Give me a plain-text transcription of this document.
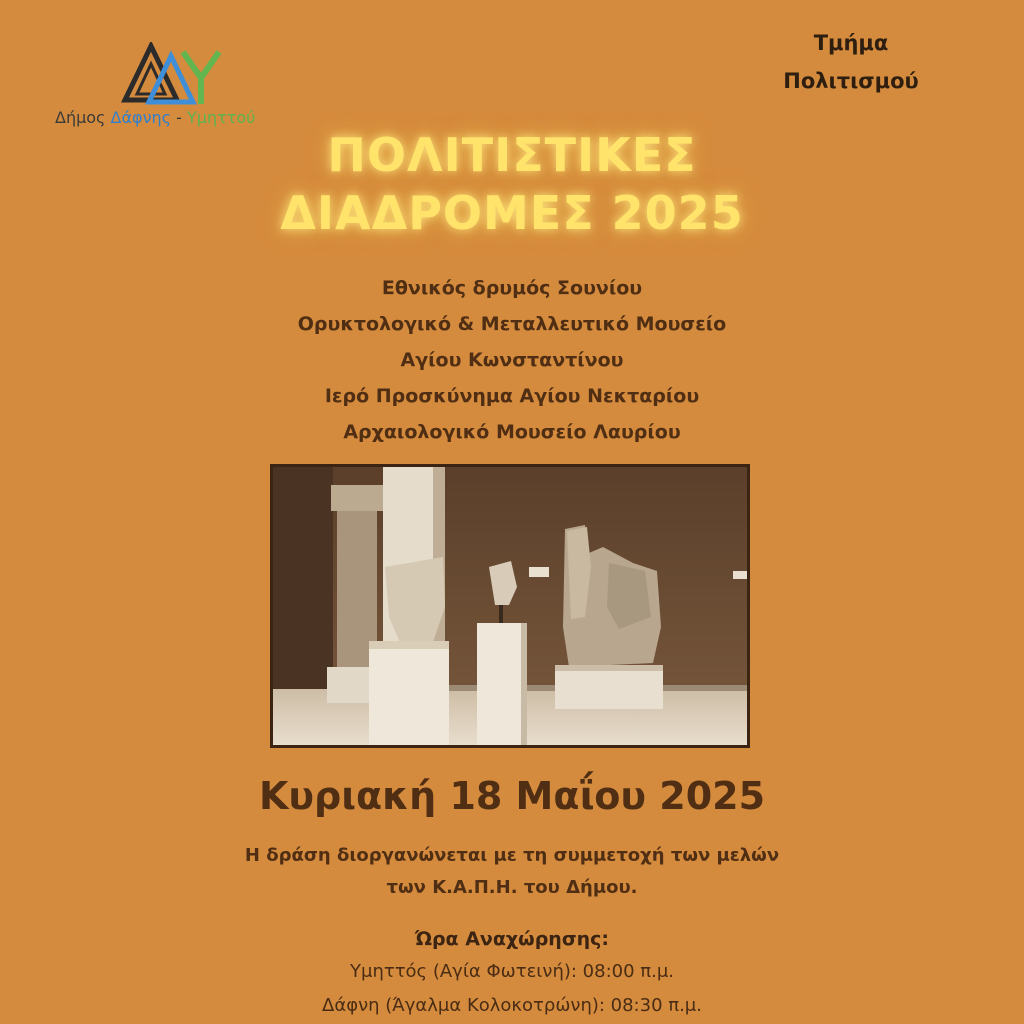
Δήμος Δάφνης - Υμηττού
Τμήμα
Πολιτισμού
ΠΟΛΙΤΙΣΤΙΚΕΣ
ΔΙΑΔΡΟΜΕΣ 2025
Εθνικός δρυμός Σουνίου
Ορυκτολογικό & Μεταλλευτικό Μουσείο
Αγίου Κωνσταντίνου
Ιερό Προσκύνημα Αγίου Νεκταρίου
Αρχαιολογικό Μουσείο Λαυρίου
Κυριακή 18 Μαΐου 2025
Η δράση διοργανώνεται με τη συμμετοχή των μελών
των Κ.Α.Π.Η. του Δήμου.
Ώρα Αναχώρησης:
Υμηττός (Αγία Φωτεινή): 08:00 π.μ.
Δάφνη (Άγαλμα Κολοκοτρώνη): 08:30 π.μ.
